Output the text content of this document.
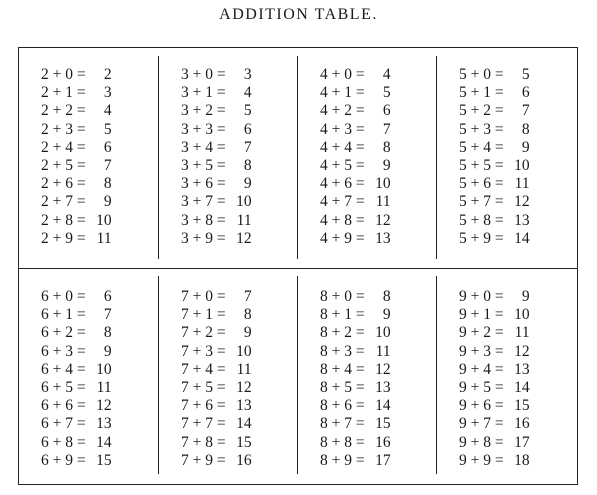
ADDITION TABLE.
2 + 0 =	2
2 + 1 =	3
2 + 2 =	4
2 + 3 =	5
2 + 4 =	6
2 + 5 =	7
2 + 6 =	8
2 + 7 =	9
2 + 8 = 10
2 + 9 = 11
3 + 0 =	3
3 + 1 =	4
3 + 2 =	5
3 + 3 =	6
3 + 4 =	7
3 + 5 =	8
3 + 6 =	9
3 + 7 = 10
3 + 8 = 11
3 + 9 = 12
4 + 0 =	4
4 + 1 =	5
4 + 2 =	6
4 + 3 =	7
4 + 4 =	8
4 + 5 =	9
4 + 6 = 10
4 + 7 = 11
4 + 8 = 12
4 + 9 = 13
5 + 0 =	5
5 + 1 =	6
5 + 2 =	7
5 + 3 =	8
5 + 4 =	9
5 + 5 = 10
5 + 6 = 11
5 + 7 = 12
5 + 8 = 13
5 + 9 = 14
6 + 0 =	6
6 + 1 =	7
6 + 2 =	8
6 + 3 =	9
6 + 4 = 10
6 + 5 = 11
6 + 6 = 12
6 + 7 = 13
6 + 8 = 14
6 + 9 = 15
7 + 0 =	7
7 + 1 =	8
7 + 2 =	9
7 + 3 = 10
7 + 4 = 11
7 + 5 = 12
7 + 6 = 13
7 + 7 = 14
7 + 8 = 15
7 + 9 = 16
8 + 0 =	8
8 + 1 =	9
8 + 2 = 10
8 + 3 = 11
8 + 4 = 12
8 + 5 = 13
8 + 6 = 14
8 + 7 = 15
8 + 8 = 16
8 + 9 = 17
9 + 0 =	9
9 + 1 = 10
9 + 2 = 11
9 + 3 = 12
9 + 4 = 13
9 + 5 = 14
9 + 6 = 15
9 + 7 = 16
9 + 8 = 17
9 + 9 = 18
